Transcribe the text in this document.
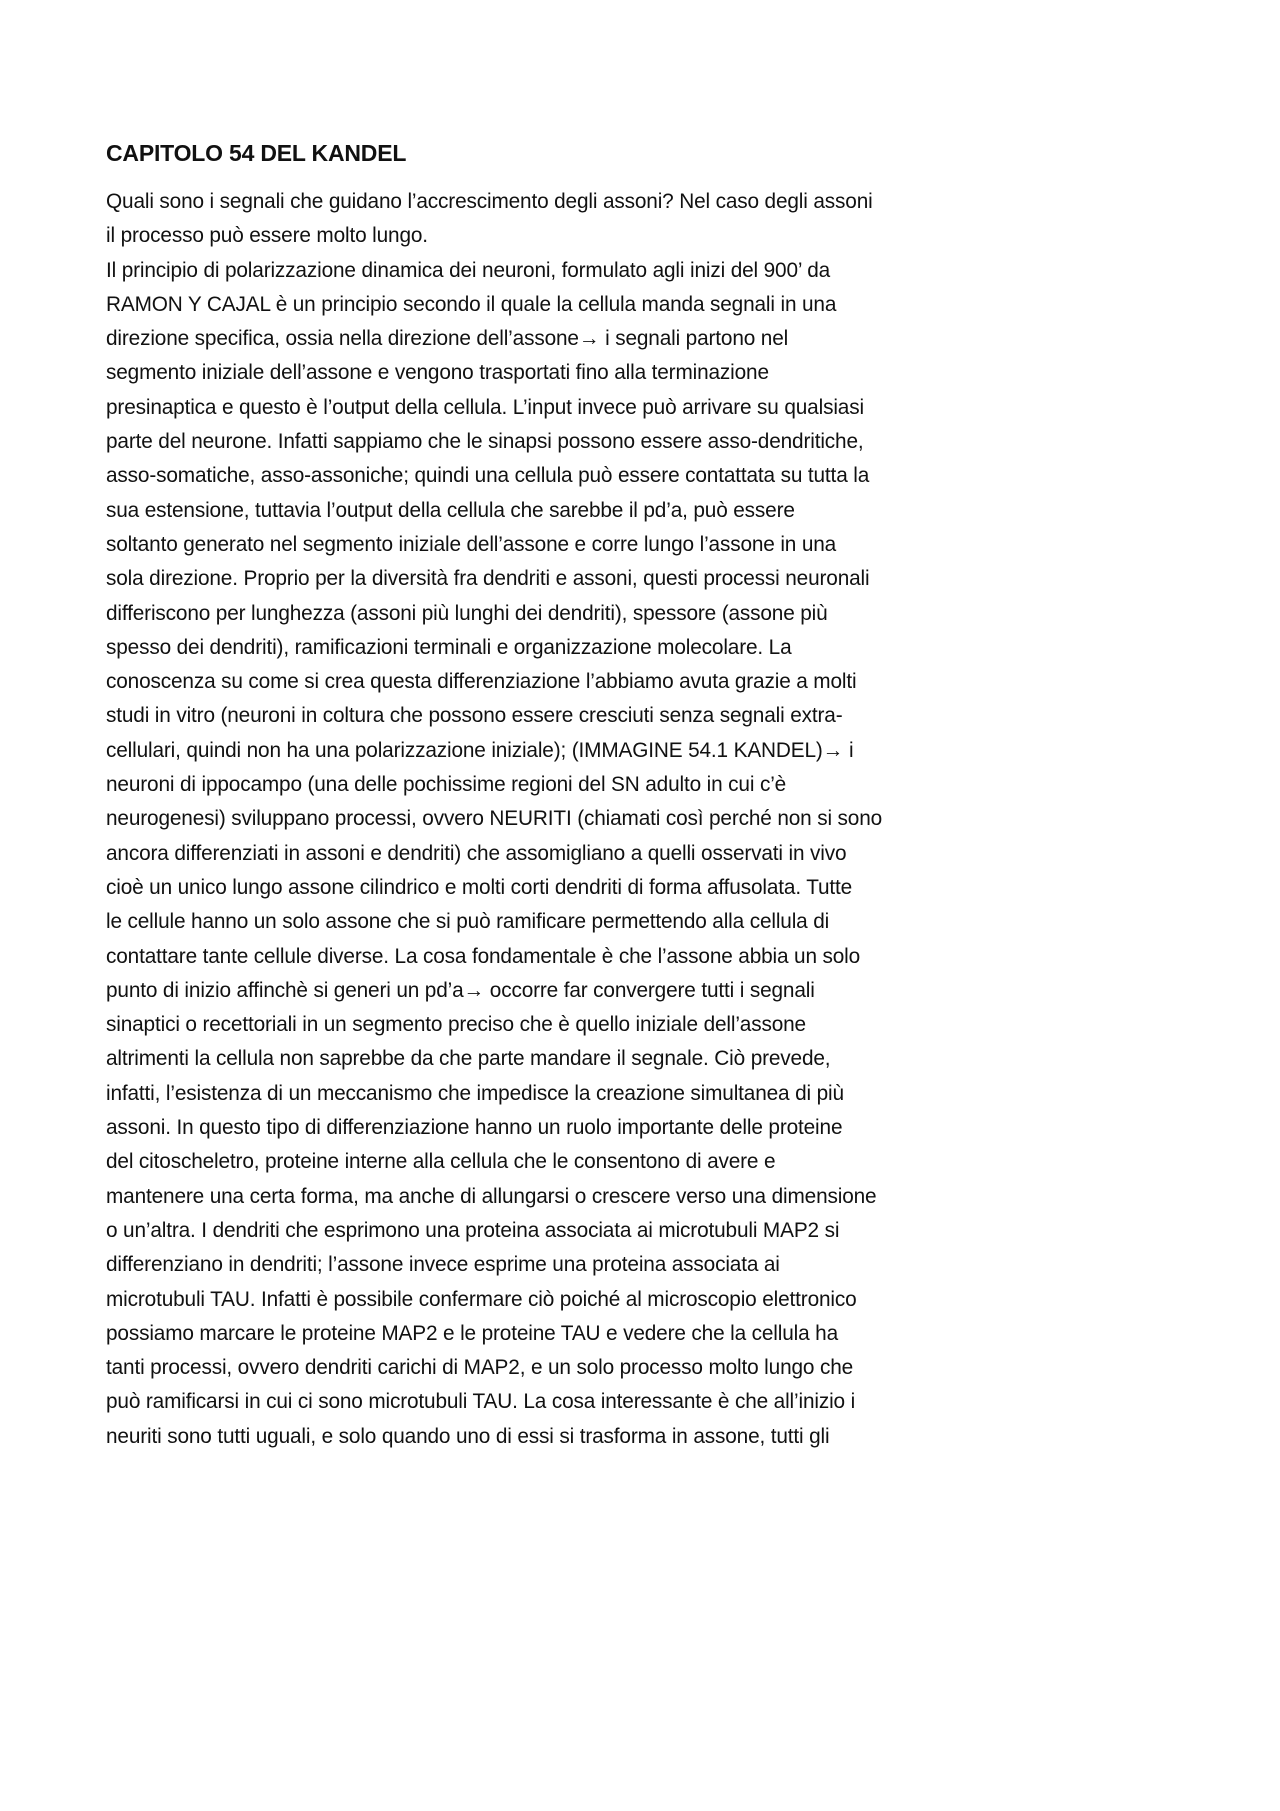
CAPITOLO 54 DEL KANDEL
Quali sono i segnali che guidano l’accrescimento degli assoni? Nel caso degli assoni
il processo può essere molto lungo.
Il principio di polarizzazione dinamica dei neuroni, formulato agli inizi del 900’ da
RAMON Y CAJAL è un principio secondo il quale la cellula manda segnali in una
direzione specifica, ossia nella direzione dell’assone→ i segnali partono nel
segmento iniziale dell’assone e vengono trasportati fino alla terminazione
presinaptica e questo è l’output della cellula. L’input invece può arrivare su qualsiasi
parte del neurone. Infatti sappiamo che le sinapsi possono essere asso-dendritiche,
asso-somatiche, asso-assoniche; quindi una cellula può essere contattata su tutta la
sua estensione, tuttavia l’output della cellula che sarebbe il pd’a, può essere
soltanto generato nel segmento iniziale dell’assone e corre lungo l’assone in una
sola direzione. Proprio per la diversità fra dendriti e assoni, questi processi neuronali
differiscono per lunghezza (assoni più lunghi dei dendriti), spessore (assone più
spesso dei dendriti), ramificazioni terminali e organizzazione molecolare. La
conoscenza su come si crea questa differenziazione l’abbiamo avuta grazie a molti
studi in vitro (neuroni in coltura che possono essere cresciuti senza segnali extra-
cellulari, quindi non ha una polarizzazione iniziale); (IMMAGINE 54.1 KANDEL)→ i
neuroni di ippocampo (una delle pochissime regioni del SN adulto in cui c’è
neurogenesi) sviluppano processi, ovvero NEURITI (chiamati così perché non si sono
ancora differenziati in assoni e dendriti) che assomigliano a quelli osservati in vivo
cioè un unico lungo assone cilindrico e molti corti dendriti di forma affusolata. Tutte
le cellule hanno un solo assone che si può ramificare permettendo alla cellula di
contattare tante cellule diverse. La cosa fondamentale è che l’assone abbia un solo
punto di inizio affinchè si generi un pd’a→ occorre far convergere tutti i segnali
sinaptici o recettoriali in un segmento preciso che è quello iniziale dell’assone
altrimenti la cellula non saprebbe da che parte mandare il segnale. Ciò prevede,
infatti, l’esistenza di un meccanismo che impedisce la creazione simultanea di più
assoni. In questo tipo di differenziazione hanno un ruolo importante delle proteine
del citoscheletro, proteine interne alla cellula che le consentono di avere e
mantenere una certa forma, ma anche di allungarsi o crescere verso una dimensione
o un’altra. I dendriti che esprimono una proteina associata ai microtubuli MAP2 si
differenziano in dendriti; l’assone invece esprime una proteina associata ai
microtubuli TAU. Infatti è possibile confermare ciò poiché al microscopio elettronico
possiamo marcare le proteine MAP2 e le proteine TAU e vedere che la cellula ha
tanti processi, ovvero dendriti carichi di MAP2, e un solo processo molto lungo che
può ramificarsi in cui ci sono microtubuli TAU. La cosa interessante è che all’inizio i
neuriti sono tutti uguali, e solo quando uno di essi si trasforma in assone, tutti gli
